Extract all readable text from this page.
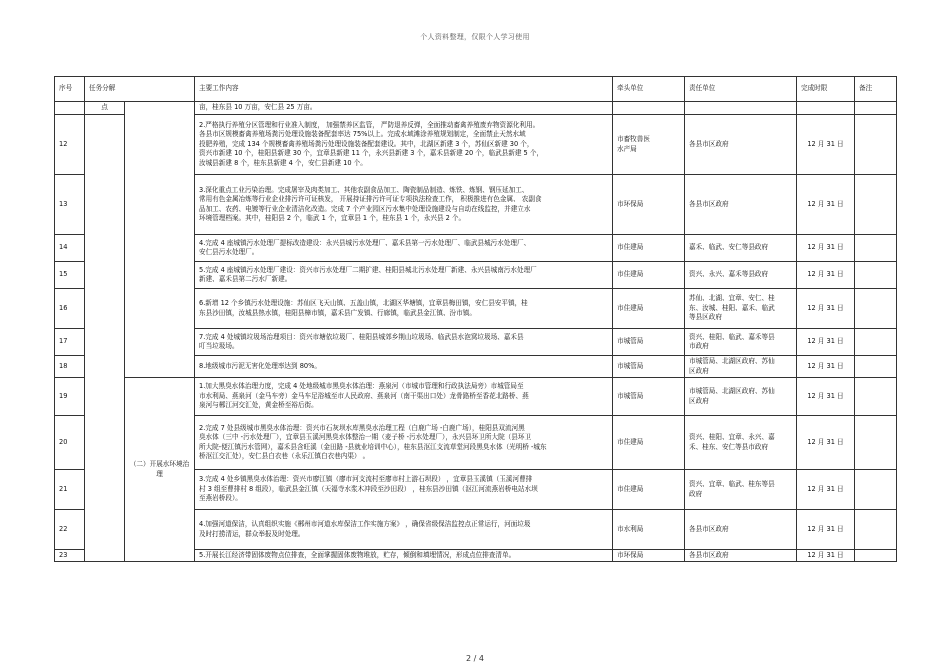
个人资料整理，仅限个人学习使用
序号	任务分解		主要工作内容	牵头单位	责任单位	完成时限	备注
	点		亩，桂东县 10 万亩，安仁县 25 万亩。				
12			2.严格执行养殖分区管理和行业准入制度， 加强禁养区监管， 严防退养反弹，全面推动畜禽养殖废弃物资源化利用。
各县市区规模畜禽养殖场粪污处理设施装备配套率达 75%以上。完成水域滩涂养殖规划制定，全面禁止天然水域
投肥养殖，完成 134 个规模畜禽养殖场粪污处理设施装备配套建设。其中，北湖区新建 3 个，苏仙区新建 30 个，
资兴市新建 10 个，桂阳县新建 30 个，宜章县新建 11 个，永兴县新建 3 个，嘉禾县新建 20 个，临武县新建 5 个，
汝城县新建 8 个，桂东县新建 4 个，安仁县新建 10 个。	市畜牧兽医
水产局	各县市区政府	12 月 31 日	
13			3.深化重点工业污染治理。完成屠宰及肉类加工、其他农副食品加工、陶瓷制品制造、炼铁、炼钢、钢压延加工、
常用有色金属冶炼等行业企业排污许可证核发， 开展持证排污许可证专项执法检查工作， 积极推进有色金属、 农副食
品加工、农药、电镀等行业企业清洁化改造。完成 7 个产业园区污水集中处理设施建设与自动在线监控，并建立水
环境管理档案。其中，桂阳县 2 个，临武 1 个，宜章县 1 个，桂东县 1 个，永兴县 2 个。	市环保局	各县市区政府	12 月 31 日	
14			4.完成 4 座城镇污水处理厂提标改造建设：永兴县城污水处理厂、嘉禾县第一污水处理厂、临武县城污水处理厂、
安仁县污水处理厂。	市住建局	嘉禾、临武、安仁等县政府	12 月 31 日	
15			5.完成 4 座城镇污水处理厂建设：资兴市污水处理厂二期扩建、桂阳县城北污水处理厂新建、永兴县城南污水处理厂
新建、嘉禾县第二污水厂新建。	市住建局	资兴、永兴、嘉禾等县政府	12 月 31 日	
16			6.新增 12 个乡镇污水处理设施：苏仙区飞天山镇、五盖山镇，北湖区华塘镇，宜章县梅田镇，安仁县安平镇，桂
东县沙田镇，汝城县热水镇，桂阳县樟市镇，嘉禾县广发镇、行廊镇，临武县金江镇、汾市镇。	市住建局	苏仙、北湖、宜章、安仁、桂
东、汝城、桂阳、嘉禾、临武
等县区政府	12 月 31 日	
17			7.完成 4 处城镇垃圾场治理项目：资兴市塘依垃圾厂、桂阳县城郊乡荆山垃圾场、临武县水泡窝垃圾场、嘉禾县
叮当垃圾场。	市城管局	资兴、桂阳、临武、嘉禾等县
市政府	12 月 31 日	
18			8.地级城市污泥无害化处理率达到 80%。	市城管局	市城管局、北湖区政府、苏仙
区政府	12 月 31 日	
19		（二）开展水环境治理	1.加大黑臭水体治理力度，完成 4 处地级城市黑臭水体治理：燕泉河（市城市管理和行政执法局旁）市城管局至
市水利局、燕泉河（金马车旁）金马车足浴城至市人民政府、燕泉河（南干渠出口处）龙骨路桥至香花北路桥、燕
泉河与郴江河交汇处，黄金桥至裕后街。	市城管局	市城管局、北湖区政府、苏仙
区政府	12 月 31 日	
20			2.完成 7 处县级城市黑臭水体治理：资兴市石灰坝水库黑臭水治理工程（白鹿广场 -白鹿广场），桂阳县双流河黑
臭水体（三中 -污水处理厂），宜章县玉溪河黑臭水体整治一期（麦子桥 -污水处理厂），永兴县环卫所大院（县环卫
所大院-便江镇污水管网），嘉禾县含旺溪（金田路 -县就业培训中心），桂东县沤江支流草堂河段黑臭水体（光明桥 -城东
桥沤江交汇处），安仁县白衣巷（永乐江镇白衣巷内渠） 。	市住建局	资兴、桂阳、宜章、永兴、嘉
禾、桂东、安仁等县市政府	12 月 31 日	
21			3.完成 4 处乡镇黑臭水体治理：资兴市廖江镇（廖市河支流村至廖市村上游石坝段） ，宜章县玉溪镇（玉溪河曹排
村 3 组至曹排村 8 组段），临武县金江镇（天福寺水浆木冲段至沙田段） ，桂东县沙田镇（沤江河流燕岩桥电站水坝
至燕岩桥段）。	市住建局	资兴、宜章、临武、桂东等县
政府	12 月 31 日	
22			4.加强河道保洁，认真组织实施《郴州市河道水库保洁工作实施方案》 ，确保省级保洁监控点正常运行，河面垃圾
及时打捞清运，群众举报及时处理。	市水利局	各县市区政府	12 月 31 日	
23			5.开展长江经济带固体废物点位排查，全面掌握固体废物堆放，贮存，倾倒和填埋情况，形成点位排查清单。	市环保局	各县市区政府	12 月 31 日	
2 / 4
